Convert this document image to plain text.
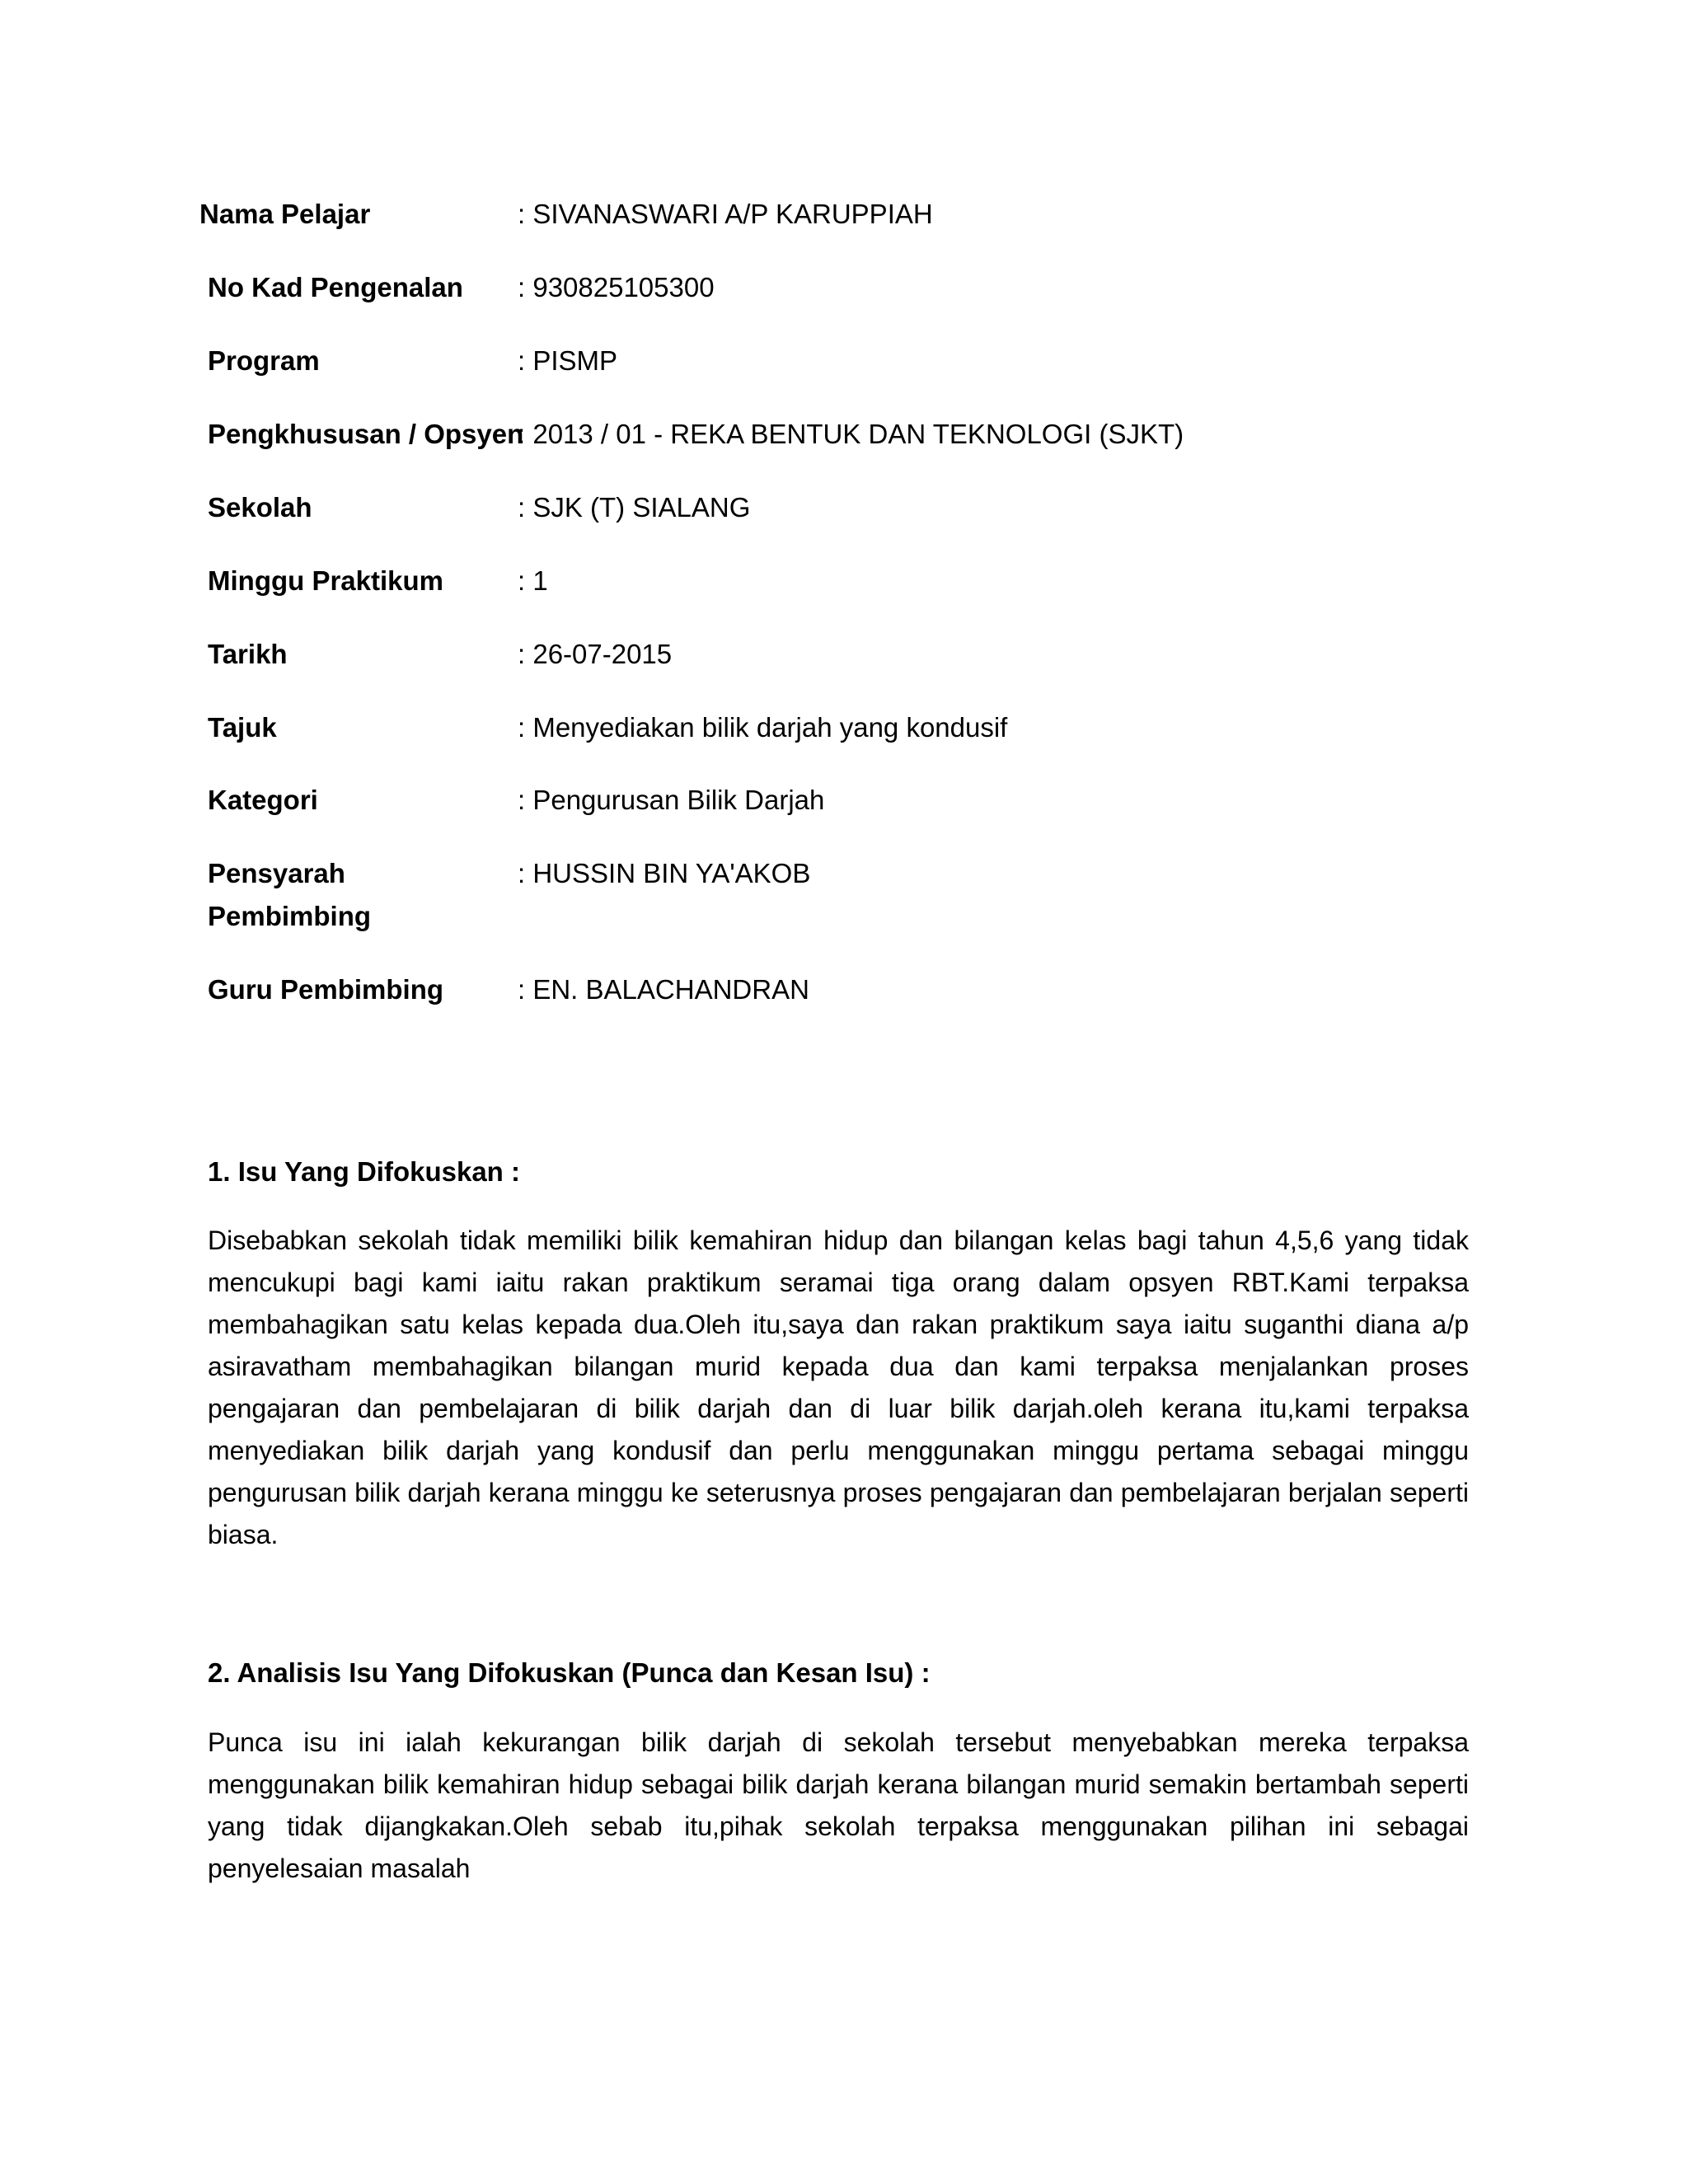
Nama Pelajar	: SIVANASWARI A/P KARUPPIAH
No Kad Pengenalan : 930825105300
Program	: PISMP
Pengkhususan / Opsyen
: 2013 / 01 - REKA BENTUK DAN TEKNOLOGI (SJKT)
Sekolah	: SJK (T) SIALANG
Minggu Praktikum	: 1
Tarikh	: 26-07-2015
Tajuk	: Menyediakan bilik darjah yang kondusif
Kategori	: Pengurusan Bilik Darjah
Pensyarah
Pembimbing
: HUSSIN BIN YA'AKOB
Guru Pembimbing	: EN. BALACHANDRAN
1. Isu Yang Difokuskan :

Disebabkan sekolah tidak memiliki bilik kemahiran hidup dan bilangan kelas bagi tahun 4,5,6 yang tidak mencukupi bagi kami iaitu rakan praktikum seramai tiga orang dalam opsyen RBT.Kami terpaksa membahagikan satu kelas kepada dua.Oleh itu,saya dan rakan praktikum saya iaitu suganthi diana a/p asiravatham membahagikan bilangan murid kepada dua dan kami terpaksa menjalankan proses pengajaran dan pembelajaran di bilik darjah dan di luar bilik darjah.oleh kerana itu,kami terpaksa menyediakan bilik darjah yang kondusif dan perlu menggunakan minggu pertama sebagai minggu pengurusan bilik darjah kerana minggu ke seterusnya proses pengajaran dan pembelajaran berjalan seperti biasa.

2. Analisis Isu Yang Difokuskan (Punca dan Kesan Isu) :

Punca isu ini ialah kekurangan bilik darjah di sekolah tersebut menyebabkan mereka terpaksa menggunakan bilik kemahiran hidup sebagai bilik darjah kerana bilangan murid semakin bertambah seperti yang tidak dijangkakan.Oleh sebab itu,pihak sekolah terpaksa menggunakan pilihan ini sebagai penyelesaian masalah
